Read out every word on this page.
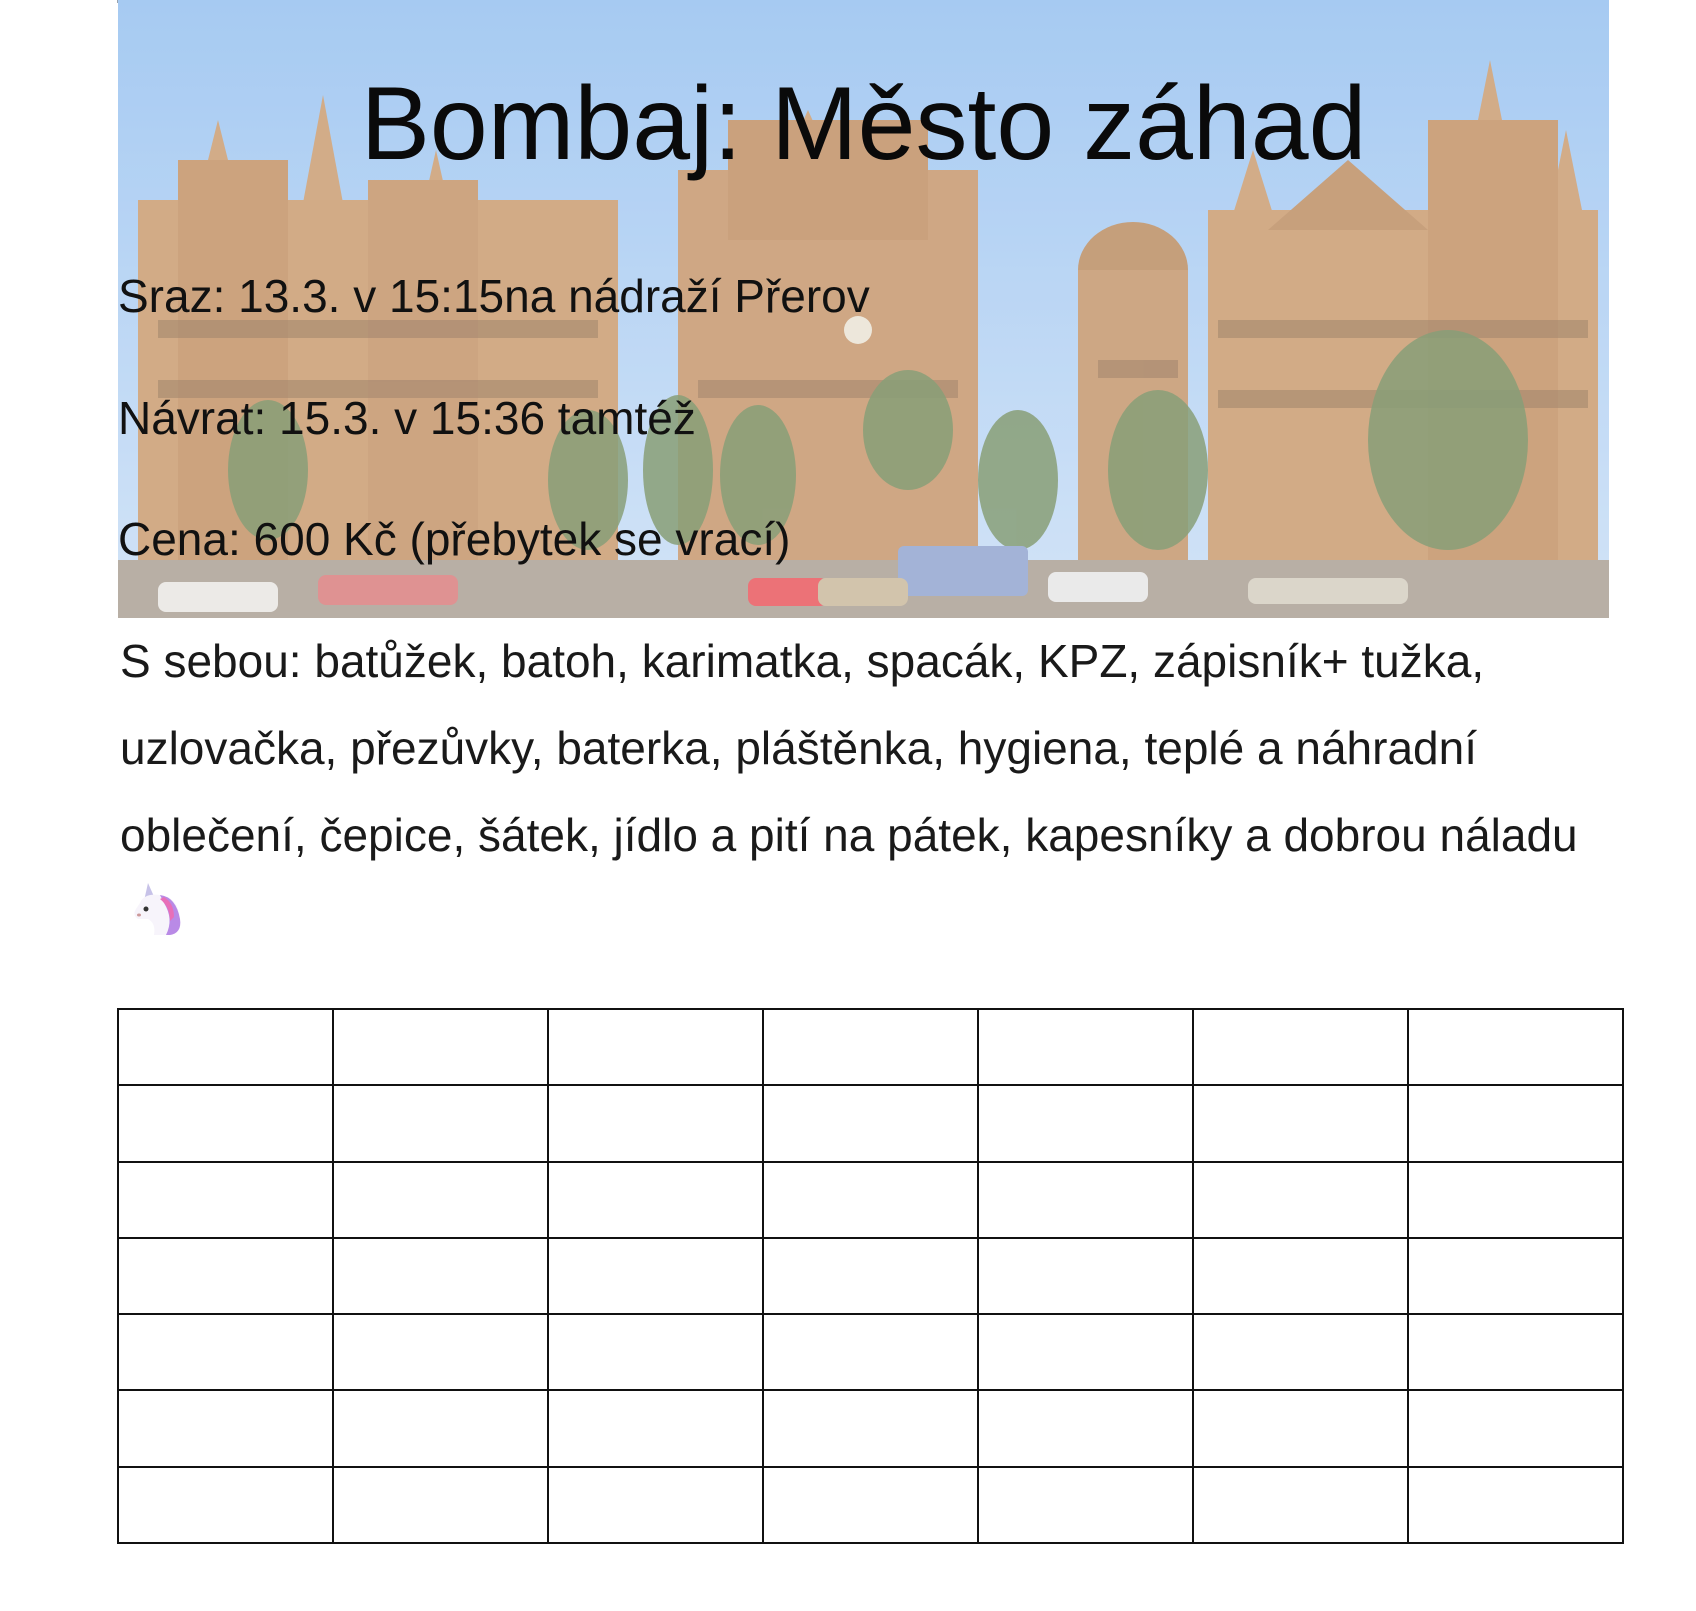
Bombaj: Město záhad

Sraz: 13.3. v 15:15na nádraží Přerov

Návrat: 15.3. v 15:36 tamtéž

Cena: 600 Kč (přebytek se vrací)

S sebou: batůžek, batoh, karimatka, spacák, KPZ, zápisník+ tužka, uzlovačka, přezůvky, baterka, pláštěnka, hygiena, teplé a náhradní oblečení, čepice, šátek, jídlo a pití na pátek, kapesníky a dobrou náladu
